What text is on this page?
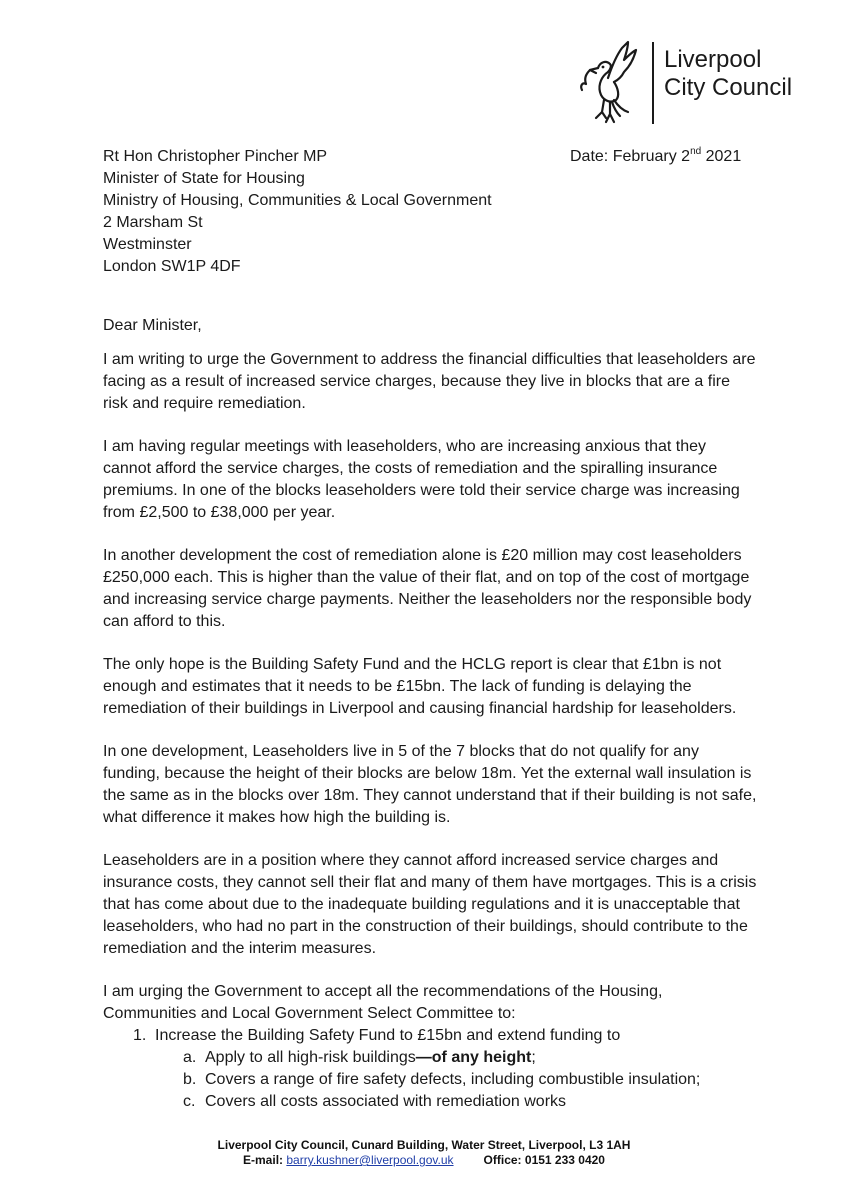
Liverpool
City Council
Rt Hon Christopher Pincher MP
Minister of State for Housing
Ministry of Housing, Communities & Local Government
2 Marsham St
Westminster
London SW1P 4DF
Date: February 2nd 2021
Dear Minister,

I am writing to urge the Government to address the financial difficulties that leaseholders are facing as a result of increased service charges, because they live in blocks that are a fire risk and require remediation.

I am having regular meetings with leaseholders, who are increasing anxious that they cannot afford the service charges, the costs of remediation and the spiralling insurance premiums. In one of the blocks leaseholders were told their service charge was increasing from £2,500 to £38,000 per year.

In another development the cost of remediation alone is £20 million may cost leaseholders £250,000 each. This is higher than the value of their flat, and on top of the cost of mortgage and increasing service charge payments. Neither the leaseholders nor the responsible body can afford to this.

The only hope is the Building Safety Fund and the HCLG report is clear that £1bn is not enough and estimates that it needs to be £15bn. The lack of funding is delaying the remediation of their buildings in Liverpool and causing financial hardship for leaseholders.

In one development, Leaseholders live in 5 of the 7 blocks that do not qualify for any funding, because the height of their blocks are below 18m. Yet the external wall insulation is the same as in the blocks over 18m. They cannot understand that if their building is not safe, what difference it makes how high the building is.

Leaseholders are in a position where they cannot afford increased service charges and insurance costs, they cannot sell their flat and many of them have mortgages. This is a crisis that has come about due to the inadequate building regulations and it is unacceptable that leaseholders, who had no part in the construction of their buildings, should contribute to the remediation and the interim measures.

I am urging the Government to accept all the recommendations of the Housing, Communities and Local Government Select Committee to:
1. Increase the Building Safety Fund to £15bn and extend funding to
a. Apply to all high-risk buildings—of any height;
b. Covers a range of fire safety defects, including combustible insulation;
c. Covers all costs associated with remediation works
Liverpool City Council, Cunard Building, Water Street, Liverpool, L3 1AH
E-mail: barry.kushner@liverpool.gov.uk	Office: 0151 233 0420
